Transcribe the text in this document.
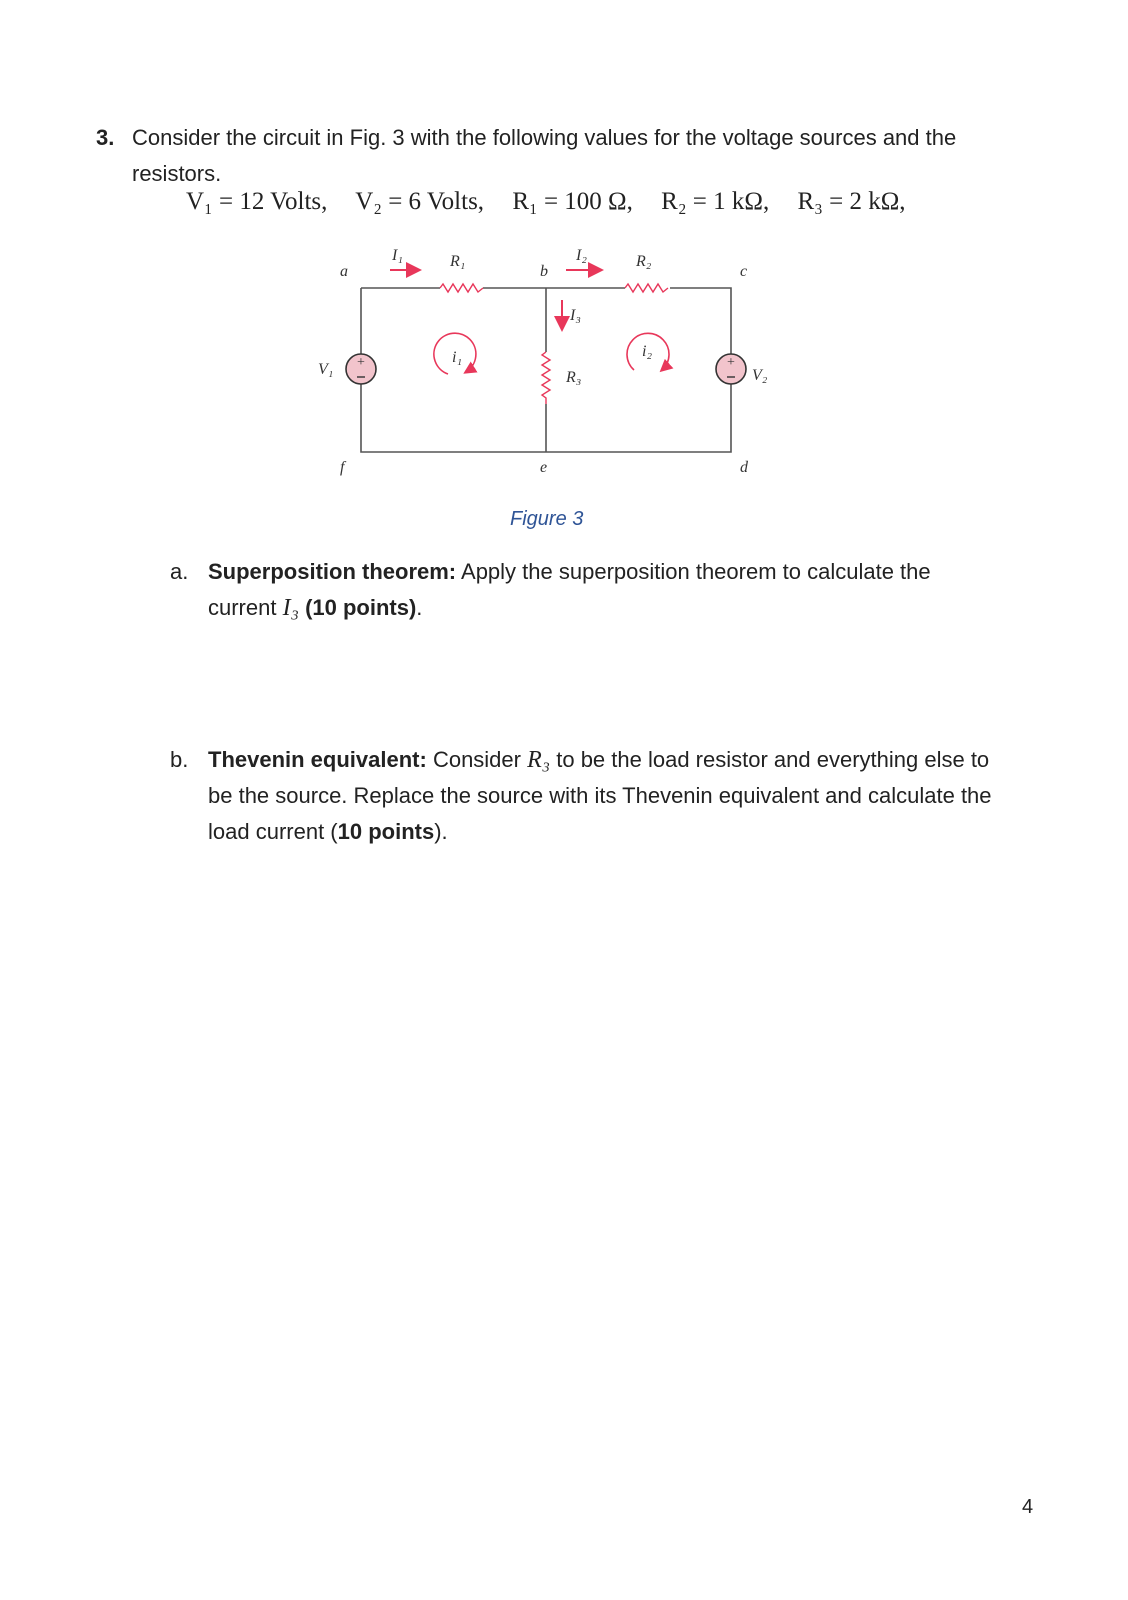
3. Consider the circuit in Fig. 3 with the following values for the voltage sources and the
resistors.
V₁ = 12 Volts, V₂ = 6 Volts, R₁ = 100 Ω, R₂ = 1 kΩ, R₃ = 2 kΩ,
+	+
a	b	c
d
e
f
I₁	I₂
I₃
R₁	R₂
R₃
V₁	V₂
i₁	i₂
Figure 3
a. Superposition theorem: Apply the superposition theorem to calculate the
current I₃ (10 points).
b. Thevenin equivalent: Consider R₃ to be the load resistor and everything else to
be the source. Replace the source with its Thevenin equivalent and calculate the
load current (10 points).
4
